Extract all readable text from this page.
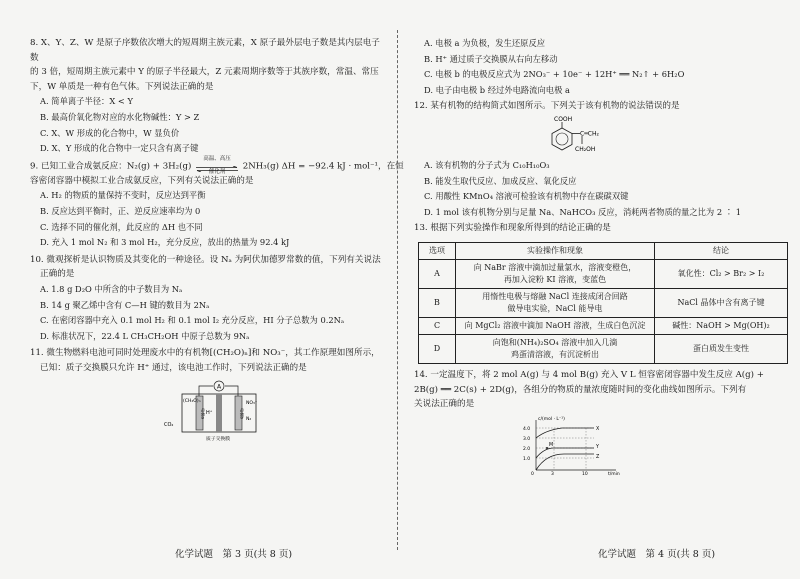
8. X、Y、Z、W 是原子序数依次增大的短周期主族元素，X 原子最外层电子数是其内层电子数

的 3 倍，短周期主族元素中 Y 的原子半径最大，Z 元素周期序数等于其族序数，常温、常压

下，W 单质是一种有色气体。下列说法正确的是

A. 简单离子半径：X < Y
B. 最高价氧化物对应的水化物碱性：Y > Z
C. X、W 形成的化合物中，W 显负价
D. X、Y 形成的化合物中一定只含有离子键

9. 已知工业合成氨反应：N₂(g) + 3H₂(g)
高温、高压
催化剂
2NH₃(g) ΔH = −92.4 kJ · mol⁻¹，在恒

容密闭容器中模拟工业合成氨反应，下列有关说法正确的是

A. H₂ 的物质的量保持不变时，反应达到平衡
B. 反应达到平衡时，正、逆反应速率均为 0
C. 选择不同的催化剂，此反应的 ΔH 也不同
D. 充入 1 mol N₂ 和 3 mol H₂，充分反应，放出的热量为 92.4 kJ

10. 微观探析是认识物质及其变化的一种途径。设 Nₐ 为阿伏加德罗常数的值，下列有关说法

正确的是

A. 1.8 g D₂O 中所含的中子数目为 Nₐ
B. 14 g 聚乙烯中含有 C—H 键的数目为 2Nₐ
C. 在密闭容器中充入 0.1 mol H₂ 和 0.1 mol I₂ 充分反应，HI 分子总数为 0.2Nₐ
D. 标准状况下，22.4 L CH₃CH₂OH 中原子总数为 9Nₐ

11. 微生物燃料电池可同时处理废水中的有机物[(CH₂O)ₙ]和 NO₃⁻，其工作原理如图所示，

已知：质子交换膜只允许 H⁺ 通过，该电池工作时，下列说法正确的是

A
(CH₂O)ₙ
CO₂
电极a H⁺	电极b
NO₃⁻
N₂
质子交换膜
化学试题　第 3 页(共 8 页)
A. 电极 a 为负极，发生还原反应
B. H⁺ 通过质子交换膜从右向左移动
C. 电极 b 的电极反应式为 2NO₃⁻ + 10e⁻ + 12H⁺ ══ N₂↑ + 6H₂O
D. 电子由电极 b 经过外电路流向电极 a

12. 某有机物的结构简式如图所示。下列关于该有机物的说法错误的是

COOH
C═CH₂
CH₂OH
A. 该有机物的分子式为 C₁₀H₁₀O₃
B. 能发生取代反应、加成反应、氧化反应
C. 用酸性 KMnO₄ 溶液可检验该有机物中存在碳碳双键
D. 1 mol 该有机物分别与足量 Na、NaHCO₃ 反应，消耗两者物质的量之比为 2 ∶ 1

13. 根据下列实验操作和现象所得到的结论正确的是

选项	实验操作和现象	结论
A	向 NaBr 溶液中滴加过量氯水，溶液变橙色，
再加入淀粉 KI 溶液，变蓝色	氧化性：Cl₂ > Br₂ > I₂
B	用惰性电极与熔融 NaCl 连接成闭合回路
做导电实验，NaCl 能导电	NaCl 晶体中含有离子键
C	向 MgCl₂ 溶液中滴加 NaOH 溶液，生成白色沉淀	碱性：NaOH > Mg(OH)₂
D	向饱和(NH₄)₂SO₄ 溶液中加入几滴
鸡蛋清溶液，有沉淀析出	蛋白质发生变性

14. 一定温度下，将 2 mol A(g) 与 4 mol B(g) 充入 V L 恒容密闭容器中发生反应 A(g) +

2B(g) ══ 2C(s) + 2D(g)，各组分的物质的量浓度随时间的变化曲线如图所示。下列有

关说法正确的是

c/(mol · L⁻¹)
t/min
0
4.0
3.0
2.0
1.0
3	10
M
X
Y
Z
化学试题　第 4 页(共 8 页)
